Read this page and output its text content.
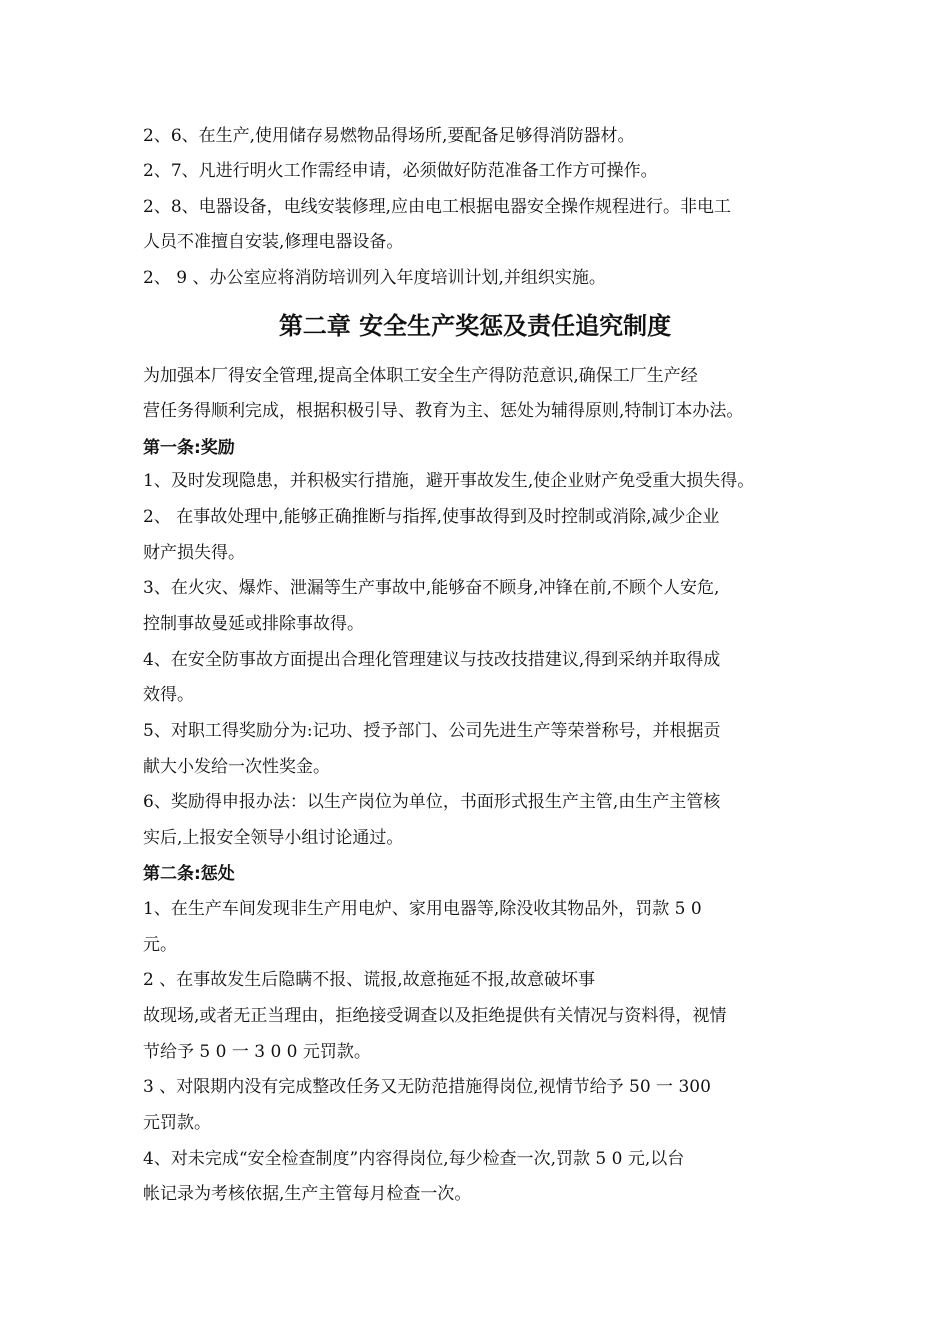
2、6、在生产,使用储存易燃物品得场所,要配备足够得消防器材。
2、7、凡进行明火工作需经申请，必须做好防范准备工作方可操作。
2、8、电器设备，电线安装修理,应由电工根据电器安全操作规程进行。非电工
人员不准擅自安装,修理电器设备。
2、 9 、办公室应将消防培训列入年度培训计划,并组织实施。
第二章 安全生产奖惩及责任追究制度
为加强本厂得安全管理,提高全体职工安全生产得防范意识,确保工厂生产经
营任务得顺利完成，根据积极引导、教育为主、惩处为辅得原则,特制订本办法。
第一条:奖励
1、及时发现隐患，并积极实行措施，避开事故发生,使企业财产免受重大损失得。
2、 在事故处理中,能够正确推断与指挥,使事故得到及时控制或消除,减少企业
财产损失得。
3、在火灾、爆炸、泄漏等生产事故中,能够奋不顾身,冲锋在前,不顾个人安危,
控制事故曼延或排除事故得。
4、在安全防事故方面提出合理化管理建议与技改技措建议,得到采纳并取得成
效得。
5、对职工得奖励分为:记功、授予部门、公司先进生产等荣誉称号，并根据贡
献大小发给一次性奖金。
6、奖励得申报办法：以生产岗位为单位，书面形式报生产主管,由生产主管核
实后,上报安全领导小组讨论通过。
第二条:惩处
1、在生产车间发现非生产用电炉、家用电器等,除没收其物品外，罚款 5 0
元。
2 、在事故发生后隐瞒不报、谎报,故意拖延不报,故意破坏事
故现场,或者无正当理由，拒绝接受调查以及拒绝提供有关情况与资料得，视情
节给予 5 0 一 3 0 0 元罚款。
3 、对限期内没有完成整改任务又无防范措施得岗位,视情节给予 50 一 300
元罚款。
4、对未完成“安全检查制度”内容得岗位,每少检查一次,罚款 5 0 元,以台
帐记录为考核依据,生产主管每月检查一次。
